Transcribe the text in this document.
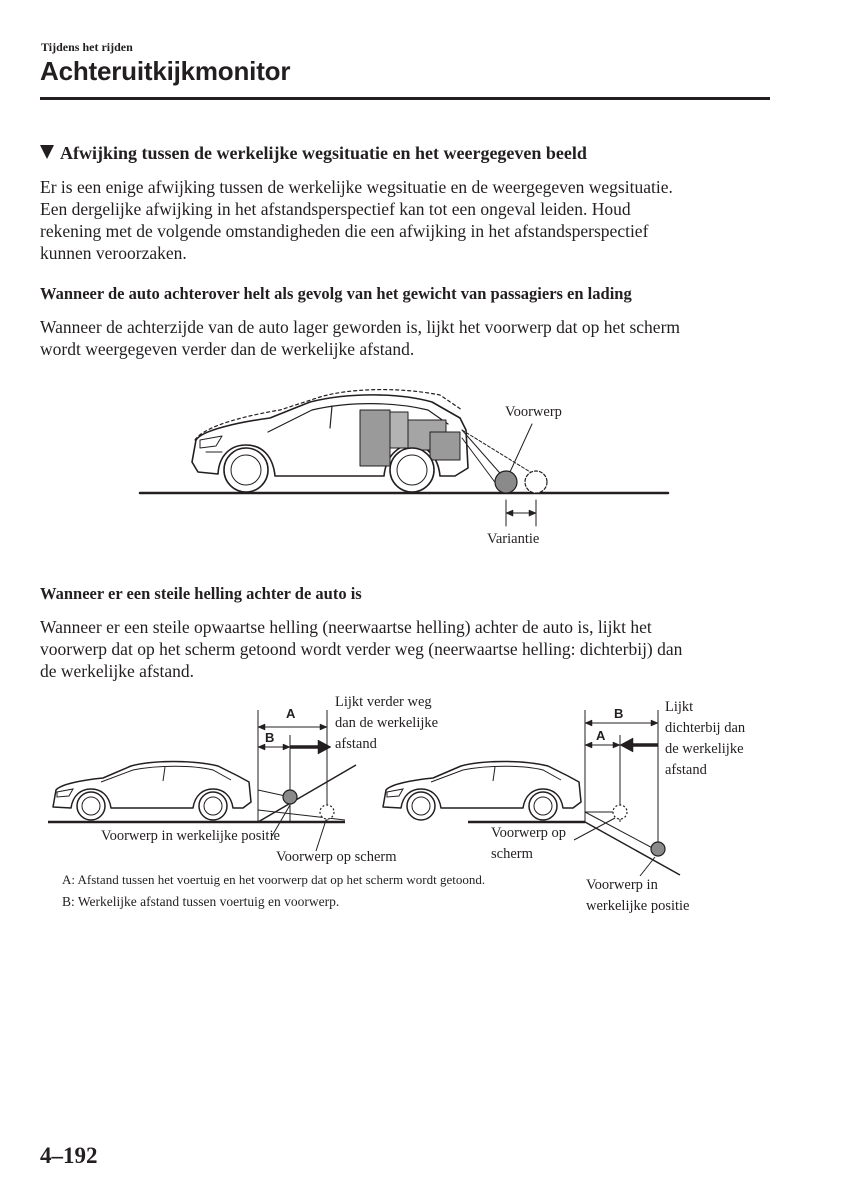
Tijdens het rijden
Achteruitkijkmonitor
Afwijking tussen de werkelijke wegsituatie en het weergegeven beeld
Er is een enige afwijking tussen de werkelijke wegsituatie en de weergegeven wegsituatie.
Een dergelijke afwijking in het afstandsperspectief kan tot een ongeval leiden. Houd
rekening met de volgende omstandigheden die een afwijking in het afstandsperspectief
kunnen veroorzaken.
Wanneer de auto achterover helt als gevolg van het gewicht van passagiers en lading
Wanneer de achterzijde van de auto lager geworden is, lijkt het voorwerp dat op het scherm
wordt weergegeven verder dan de werkelijke afstand.
Voorwerp
Variantie
Wanneer er een steile helling achter de auto is
Wanneer er een steile opwaartse helling (neerwaartse helling) achter de auto is, lijkt het
voorwerp dat op het scherm getoond wordt verder weg (neerwaartse helling: dichterbij) dan
de werkelijke afstand.
A
B
Lijkt verder weg
dan de werkelijke
afstand
Voorwerp in werkelijke positie
Voorwerp op scherm
B
A
Lijkt
dichterbij dan
de werkelijke
afstand
Voorwerp op
scherm
Voorwerp in
werkelijke positie
A: Afstand tussen het voertuig en het voorwerp dat op het scherm wordt getoond.
B: Werkelijke afstand tussen voertuig en voorwerp.
4–192
